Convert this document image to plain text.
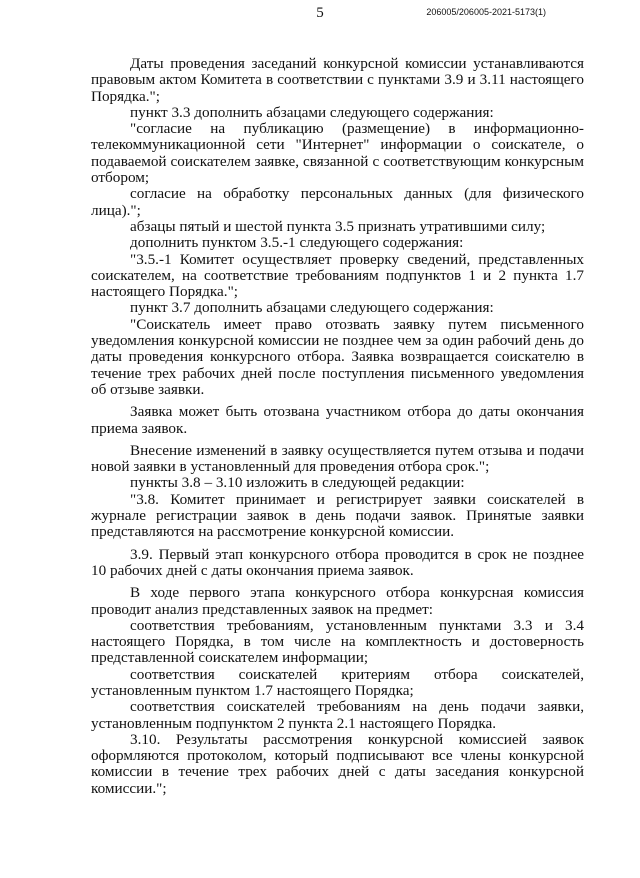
5	206005/206005-2021-5173(1)

Даты проведения заседаний конкурсной комиссии устанавливаются правовым актом Комитета в соответствии с пунктами 3.9 и 3.11 настоящего Порядка.";

пункт 3.3 дополнить абзацами следующего содержания:

"согласие на публикацию (размещение) в информационно-телекоммуникационной сети "Интернет" информации о соискателе, о подаваемой соискателем заявке, связанной с соответствующим конкурсным отбором;

согласие на обработку персональных данных (для физического лица).";

абзацы пятый и шестой пункта 3.5 признать утратившими силу;

дополнить пунктом 3.5.-1 следующего содержания:

"3.5.-1 Комитет осуществляет проверку сведений, представленных соискателем, на соответствие требованиям подпунктов 1 и 2 пункта 1.7 настоящего Порядка.";

пункт 3.7 дополнить абзацами следующего содержания:

"Соискатель имеет право отозвать заявку путем письменного уведомления конкурсной комиссии не позднее чем за один рабочий день до даты проведения конкурсного отбора. Заявка возвращается соискателю в течение трех рабочих дней после поступления письменного уведомления об отзыве заявки.

Заявка может быть отозвана участником отбора до даты окончания приема заявок.

Внесение изменений в заявку осуществляется путем отзыва и подачи новой заявки в установленный для проведения отбора срок.";

пункты 3.8 – 3.10 изложить в следующей редакции:

"3.8. Комитет принимает и регистрирует заявки соискателей в журнале регистрации заявок в день подачи заявок. Принятые заявки представляются на рассмотрение конкурсной комиссии.

3.9. Первый этап конкурсного отбора проводится в срок не позднее 10 рабочих дней с даты окончания приема заявок.

В ходе первого этапа конкурсного отбора конкурсная комиссия проводит анализ представленных заявок на предмет:

соответствия требованиям, установленным пунктами 3.3 и 3.4 настоящего Порядка, в том числе на комплектность и достоверность представленной соискателем информации;

соответствия соискателей критериям отбора соискателей, установленным пунктом 1.7 настоящего Порядка;

соответствия соискателей требованиям на день подачи заявки, установленным подпунктом 2 пункта 2.1 настоящего Порядка.

3.10. Результаты рассмотрения конкурсной комиссией заявок оформляются протоколом, который подписывают все члены конкурсной комиссии в течение трех рабочих дней с даты заседания конкурсной комиссии.";
